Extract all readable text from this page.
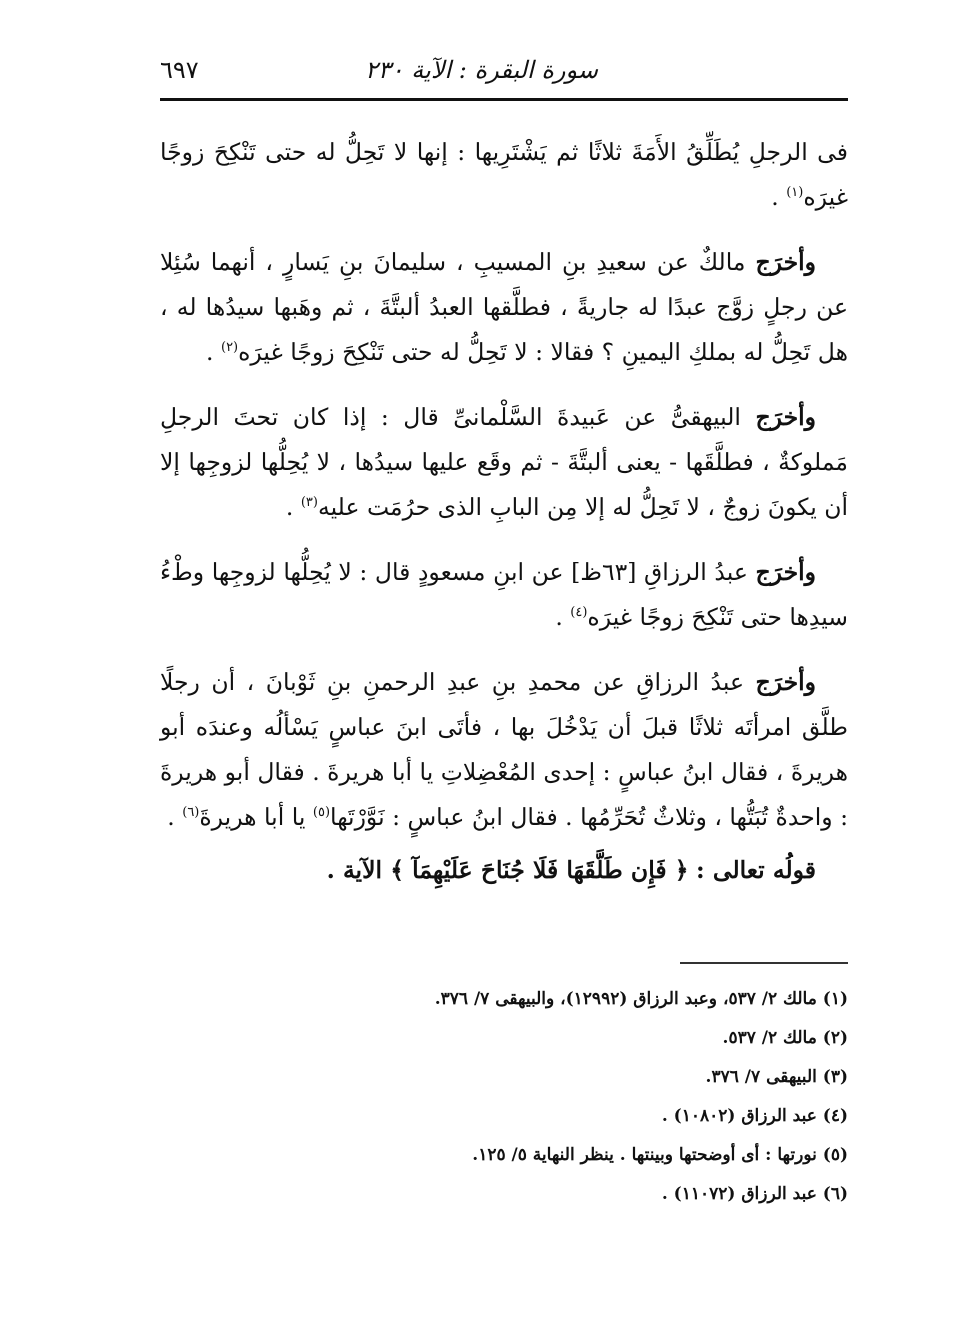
سورة البقرة : الآية ٢٣٠
٦٩٧

فى الرجلِ يُطَلِّقُ الأَمَةَ ثلاثًا ثم يَشْتَرِيها : إنها لا تَحِلُّ له حتى تَنْكِحَ زوجًا غيرَه$^{(١)}$ .

وأخرَج مالكٌ عن سعيدِ بنِ المسيبِ ، سليمانَ بنِ يَسارٍ ، أنهما سُئِلا عن رجلٍ زوَّج عبدًا له جاريةً ، فطلَّقها العبدُ ألبتَّةَ ، ثم وهَبها سيدُها له ، هل تَحِلُّ له بملكِ اليمينِ ؟ فقالا : لا تَحِلُّ له حتى تَنْكِحَ زوجًا غيرَه$^{(٢)}$ .

وأخرَج البيهقىُّ عن عَبيدةَ السَّلْمانىِّ قال : إذا كان تحتَ الرجلِ مَملوكةٌ ، فطلَّقَها - يعنى ألبتَّةَ - ثم وقَع عليها سيدُها ، لا يُحِلُّها لزوجِها إلا أن يكونَ زوجٌ ، لا تَحِلُّ له إلا مِن البابِ الذى حرُمَت عليه$^{(٣)}$ .

وأخرَج عبدُ الرزاقِ [٦٣ظ] عن ابنِ مسعودٍ قال : لا يُحِلُّها لزوجِها وطْءُ سيدِها حتى تَنْكِحَ زوجًا غيرَه$^{(٤)}$ .

وأخرَج عبدُ الرزاقِ عن محمدِ بنِ عبدِ الرحمنِ بنِ ثَوْبانَ ، أن رجلًا طلَّق امرأتَه ثلاثًا قبلَ أن يَدْخُلَ بها ، فأتَى ابنَ عباسٍ يَسْألُه وعندَه أبو هريرةَ ، فقال ابنُ عباسٍ : إحدى المُعْضِلاتِ يا أبا هريرةَ . فقال أبو هريرةَ : واحدةٌ تُبَتُّها ، وثلاثٌ تُحَرِّمُها . فقال ابنُ عباسٍ : نَوَّرْتَها$^{(٥)}$ يا أبا هريرةَ$^{(٦)}$ .

قولُه تعالى : ﴿ فَإِن طَلَّقَهَا فَلَا جُنَاحَ عَلَيْهِمَآ ﴾ الآية .

(١) مالك ٢/ ٥٣٧، وعبد الرزاق (١٢٩٩٢)، والبيهقى ٧/ ٣٧٦.
(٢) مالك ٢/ ٥٣٧.
(٣) البيهقى ٧/ ٣٧٦.
(٤) عبد الرزاق (١٠٨٠٢) .
(٥) نورتها : أى أوضحتها وبينتها . ينظر النهاية ٥/ ١٢٥.
(٦) عبد الرزاق (١١٠٧٢) .
